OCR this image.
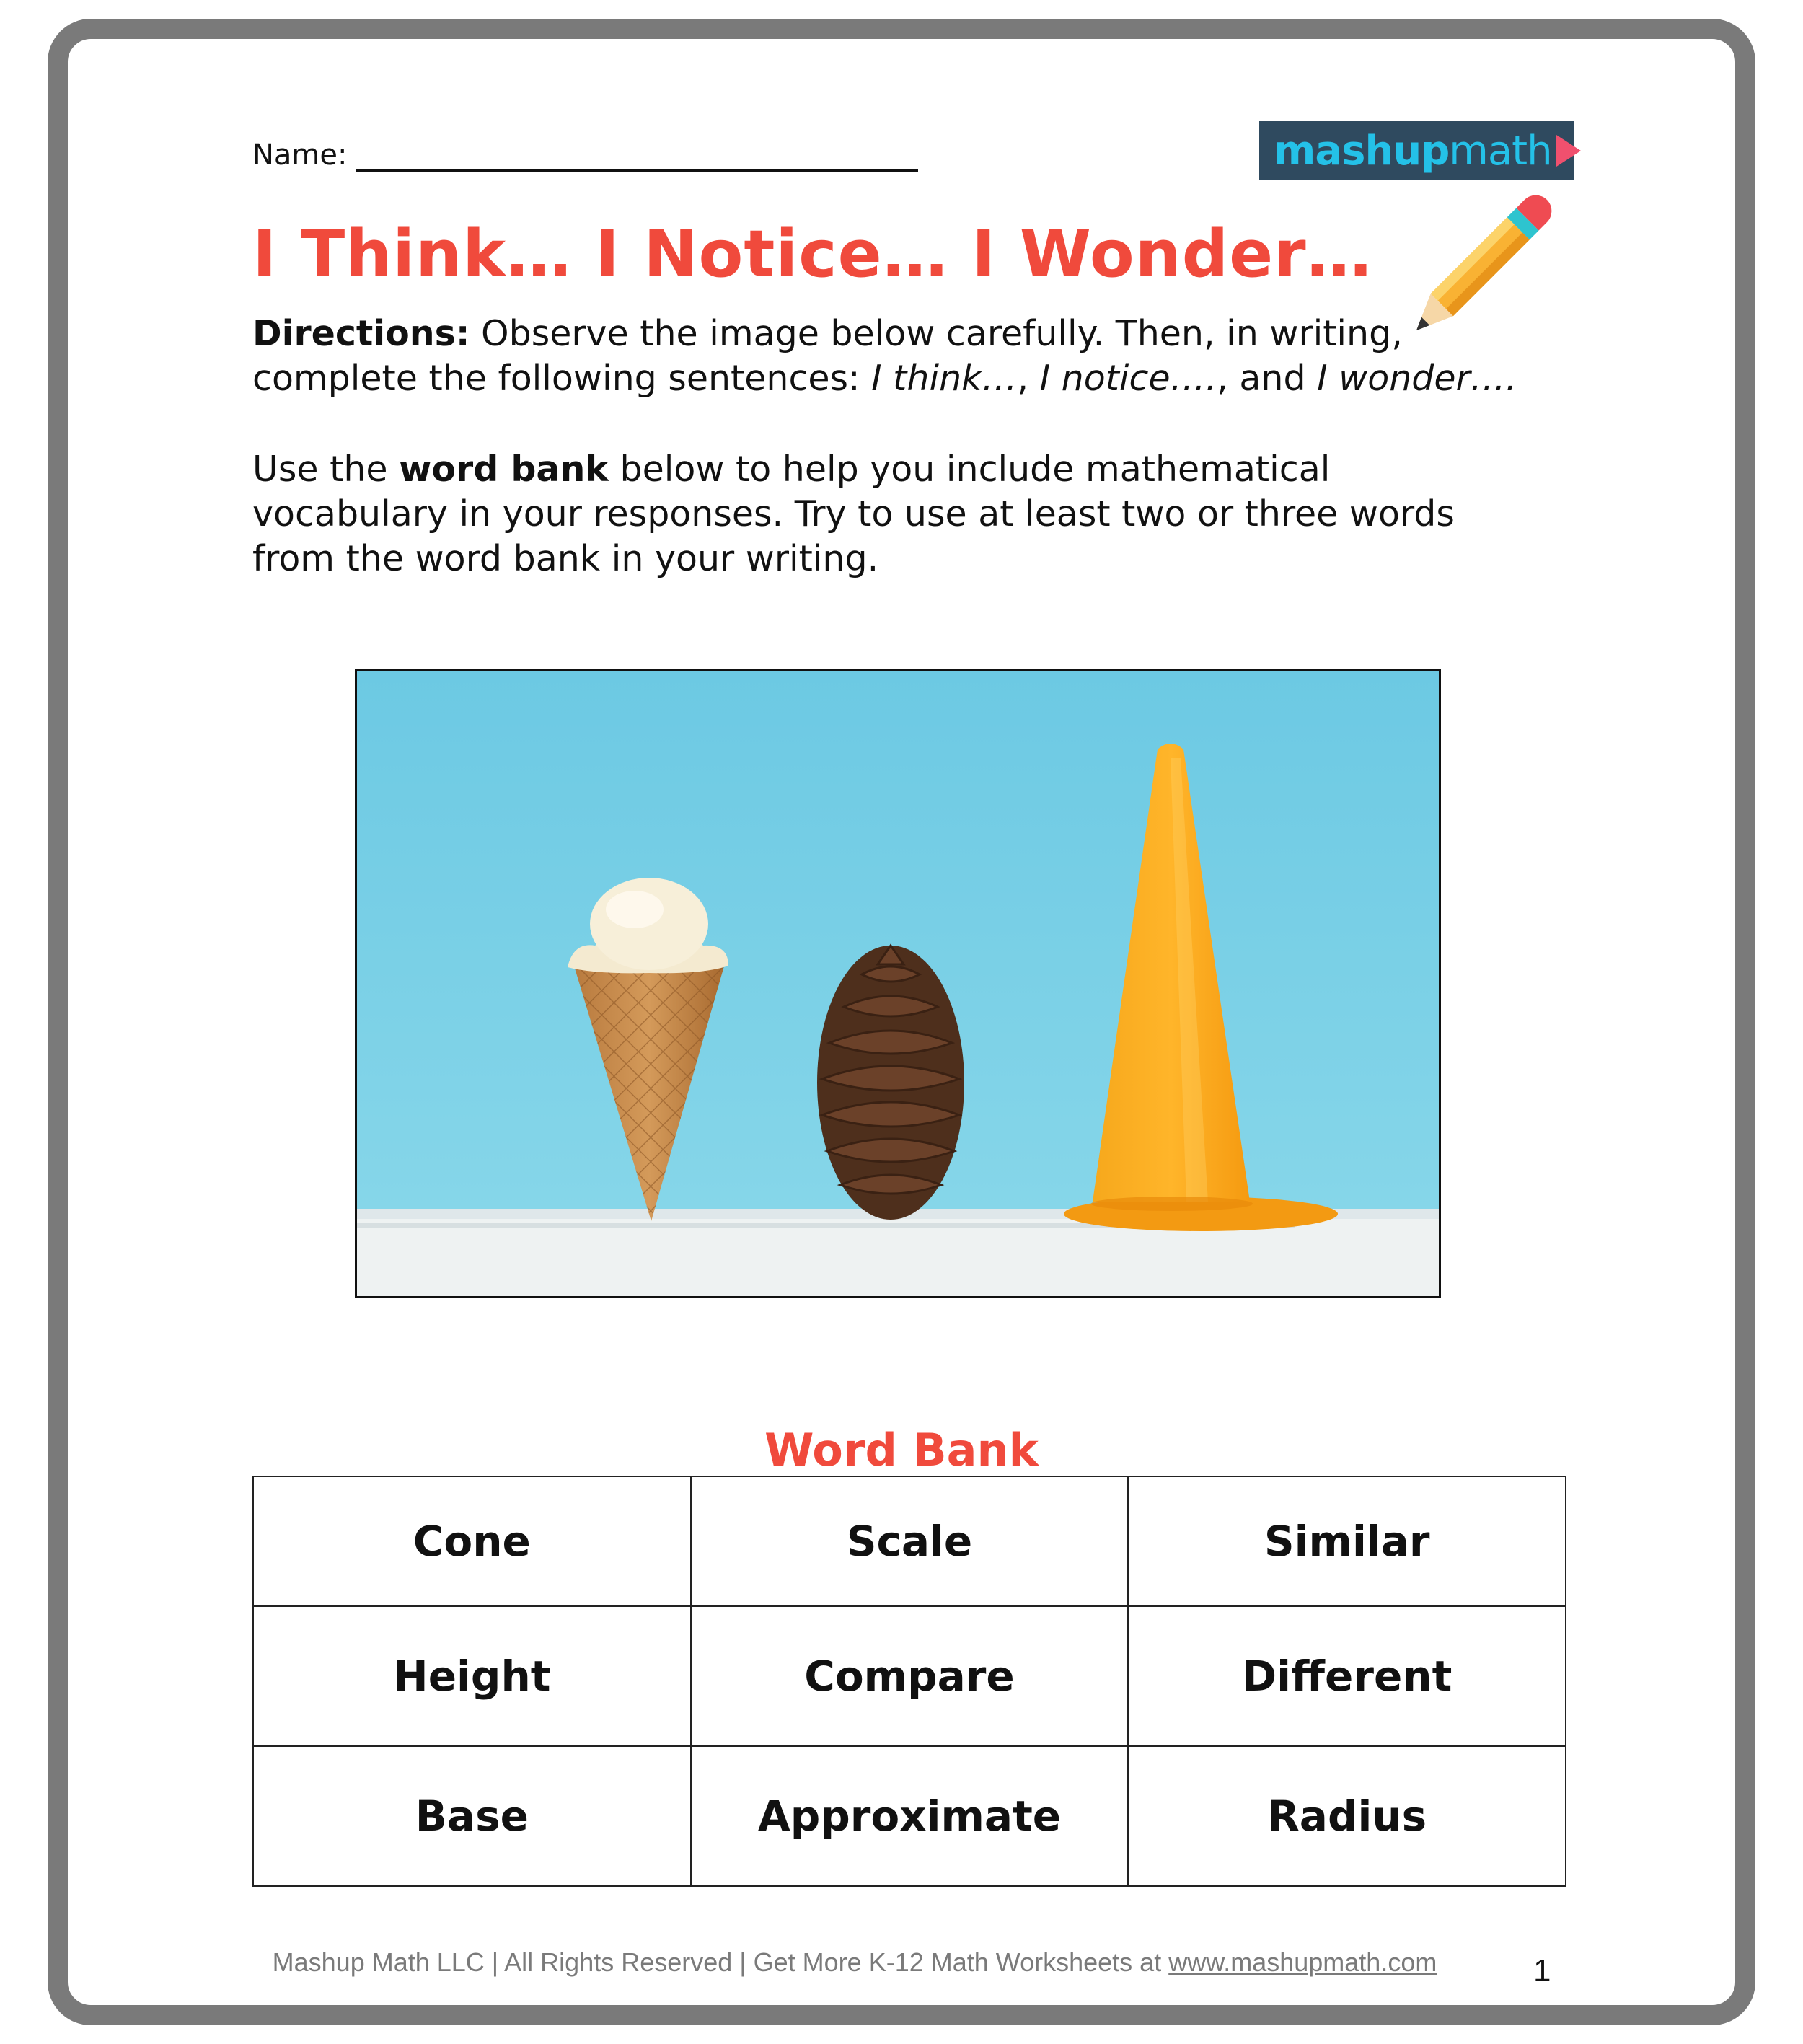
Name:	mashupmath
I Think… I Notice… I Wonder…

Directions: Observe the image below carefully. Then, in writing, complete the following sentences: I think…, I notice…., and I wonder….

Use the word bank below to help you include mathematical vocabulary in your responses. Try to use at least two or three words from the word bank in your writing.

Word Bank
Cone	Scale	Similar
Height	Compare	Different
Base	Approximate	Radius
Mashup Math LLC | All Rights Reserved | Get More K-12 Math Worksheets at www.mashupmath.com	1
